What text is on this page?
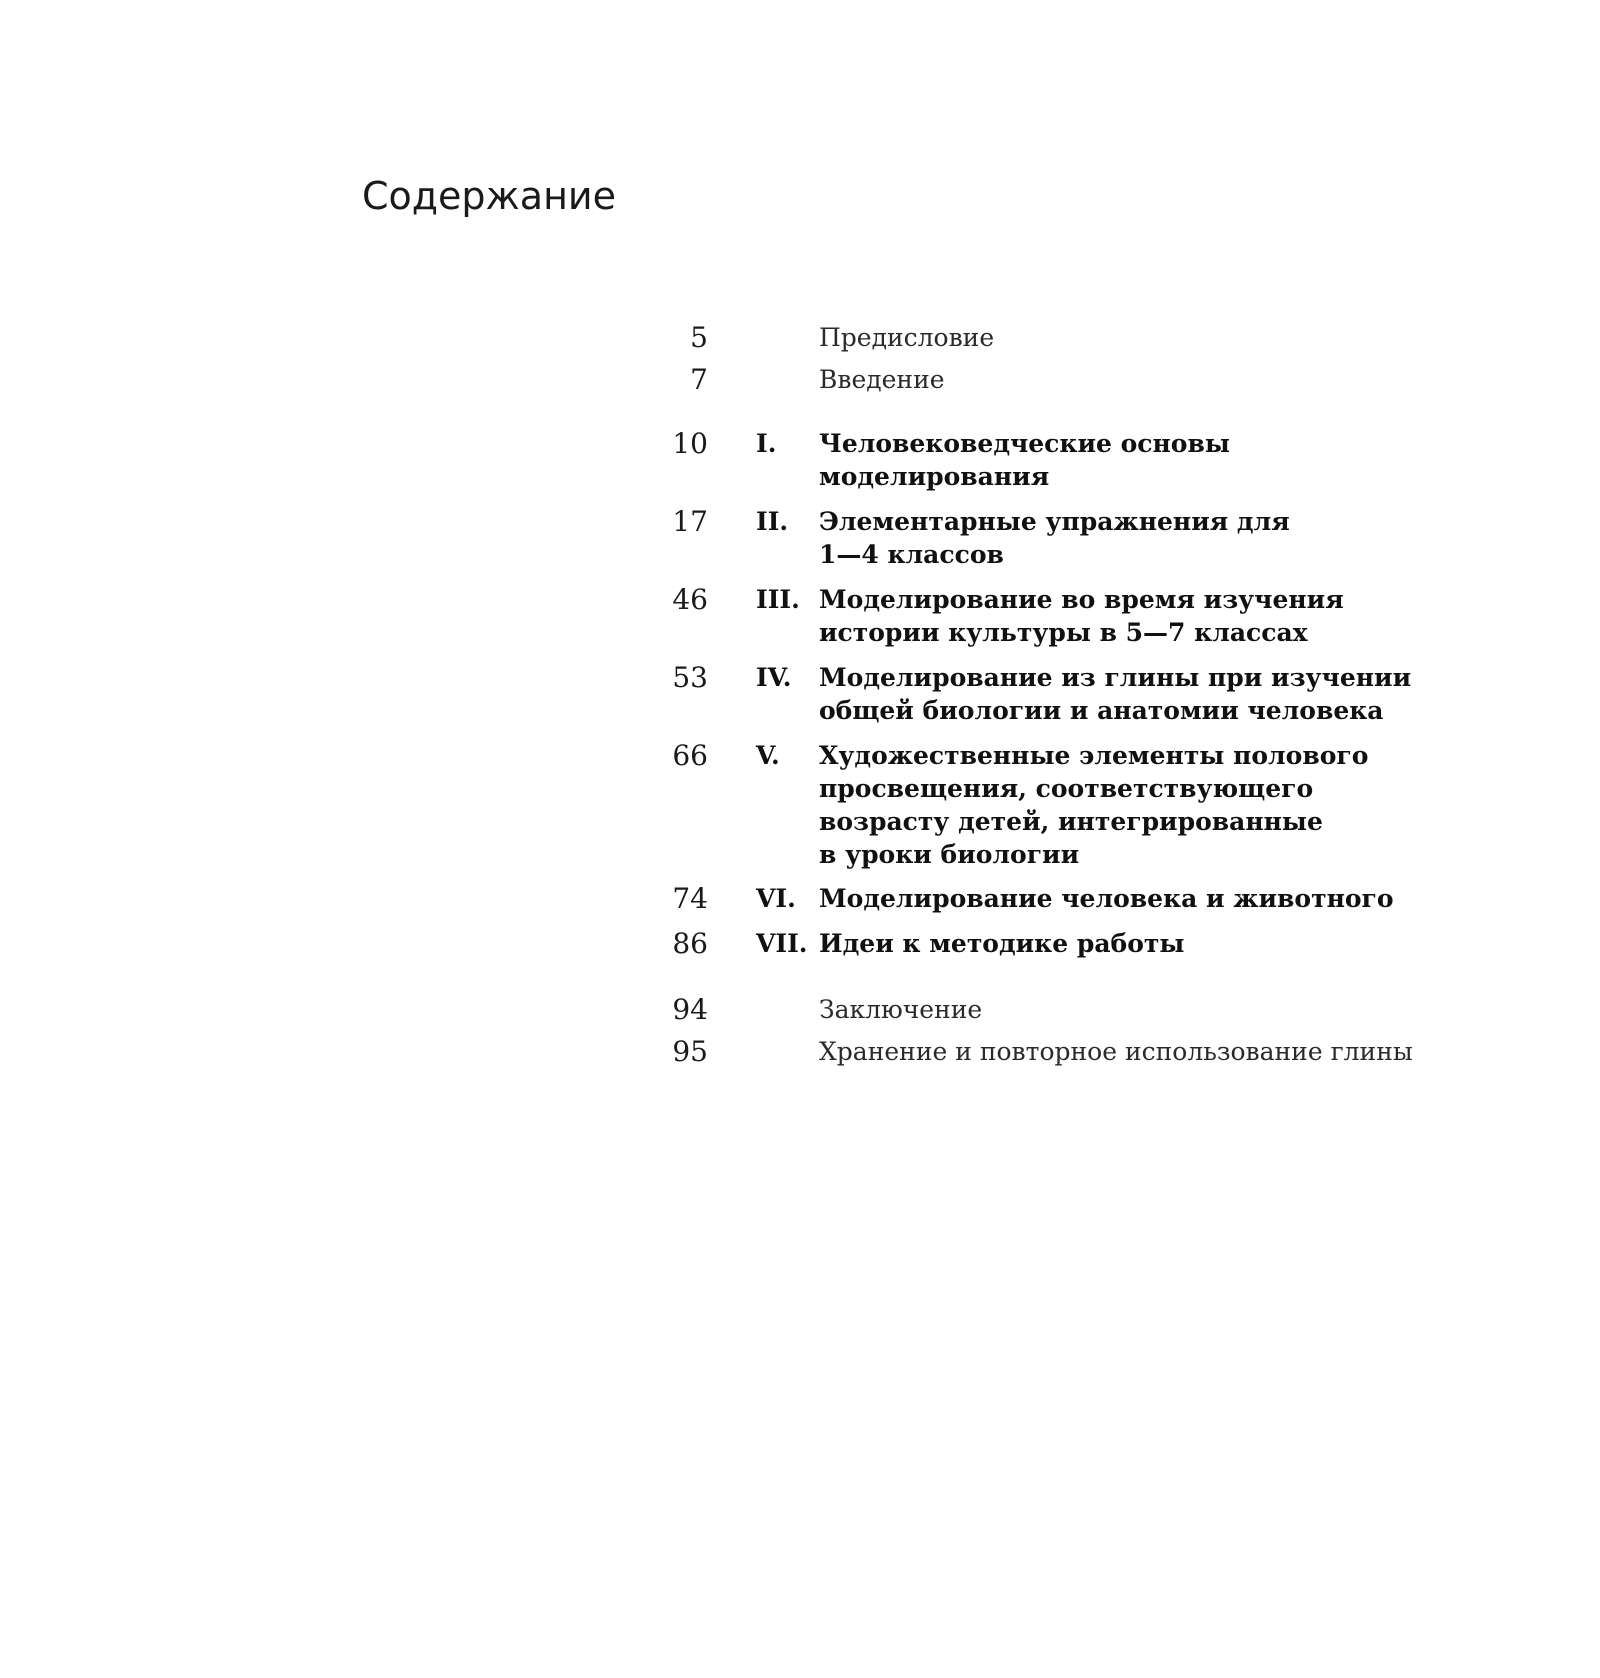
Содержание
5	Предисловие
7	Введение
10 I. Человековедческие основы
моделирования
17 II. Элементарные упражнения для
1—4 классов
46 III. Моделирование во время изучения
истории культуры в 5—7 классах
53 IV. Моделирование из глины при изучении
общей биологии и анатомии человека
66 V. Художественные элементы полового
просвещения, соответствующего
возрасту детей, интегрированные
в уроки биологии
74 VI. Моделирование человека и животного
86 VII. Идеи к методике работы
94	Заключение
95	Хранение и повторное использование глины
